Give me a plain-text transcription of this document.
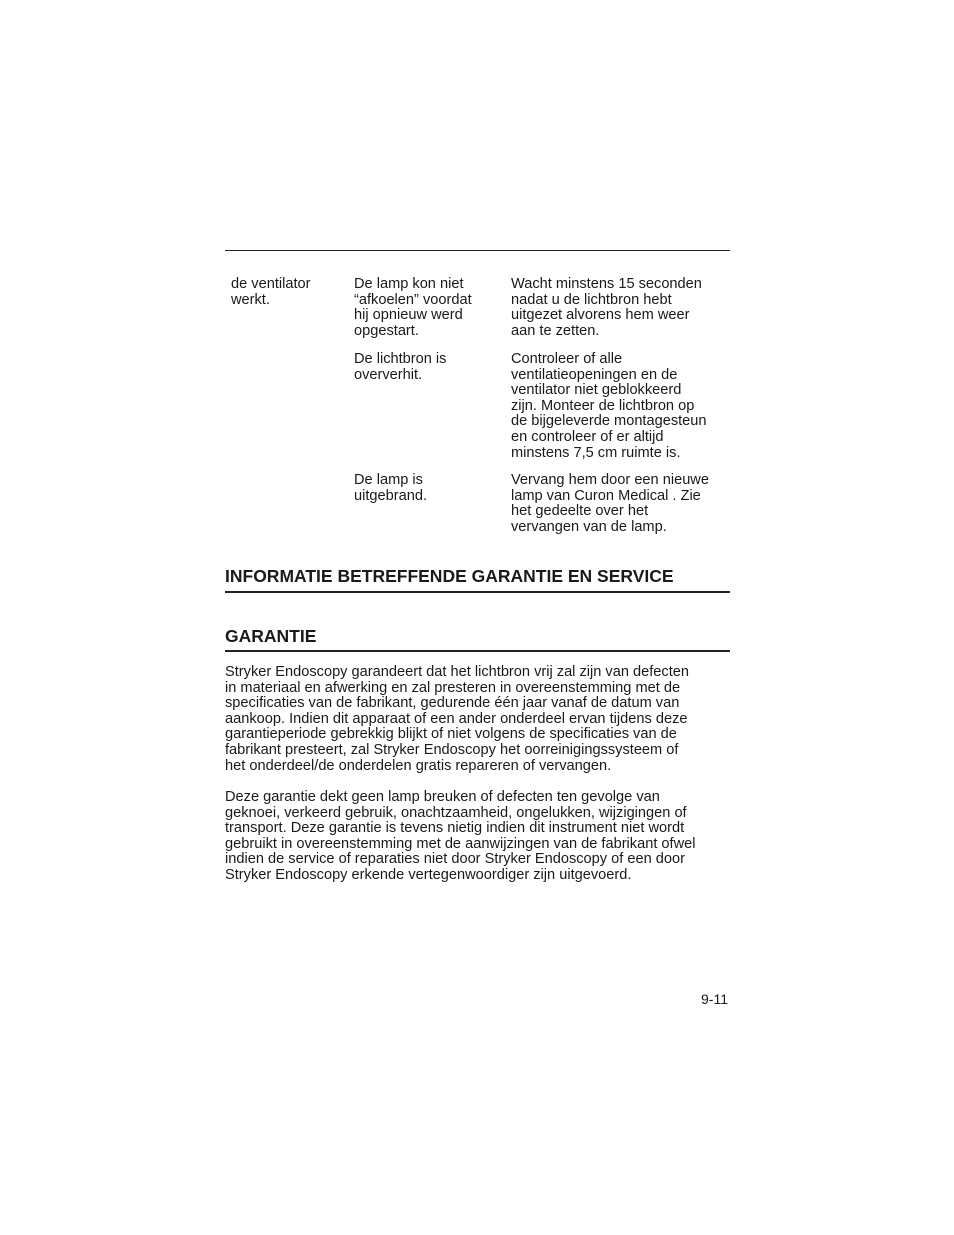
de ventilator
werkt.
De lamp kon niet
“afkoelen” voordat
hij opnieuw werd
opgestart.
Wacht minstens 15 seconden
nadat u de lichtbron hebt
uitgezet alvorens hem weer
aan te zetten.
De lichtbron is
oververhit.
Controleer of alle
ventilatieopeningen en de
ventilator niet geblokkeerd
zijn. Monteer de lichtbron op
de bijgeleverde montagesteun
en controleer of er altijd
minstens 7,5 cm ruimte is.
De lamp is
uitgebrand.
Vervang hem door een nieuwe
lamp van Curon Medical . Zie
het gedeelte over het
vervangen van de lamp.
INFORMATIE BETREFFENDE GARANTIE EN SERVICE
GARANTIE
Stryker Endoscopy garandeert dat het lichtbron vrij zal zijn van defecten
in materiaal en afwerking en zal presteren in overeenstemming met de
specificaties van de fabrikant, gedurende één jaar vanaf de datum van
aankoop. Indien dit apparaat of een ander onderdeel ervan tijdens deze
garantieperiode gebrekkig blijkt of niet volgens de specificaties van de
fabrikant presteert, zal Stryker Endoscopy het oorreinigingssysteem of
het onderdeel/de onderdelen gratis repareren of vervangen.
Deze garantie dekt geen lamp breuken of defecten ten gevolge van
geknoei, verkeerd gebruik, onachtzaamheid, ongelukken, wijzigingen of
transport. Deze garantie is tevens nietig indien dit instrument niet wordt
gebruikt in overeenstemming met de aanwijzingen van de fabrikant ofwel
indien de service of reparaties niet door Stryker Endoscopy of een door
Stryker Endoscopy erkende vertegenwoordiger zijn uitgevoerd.
9-11
